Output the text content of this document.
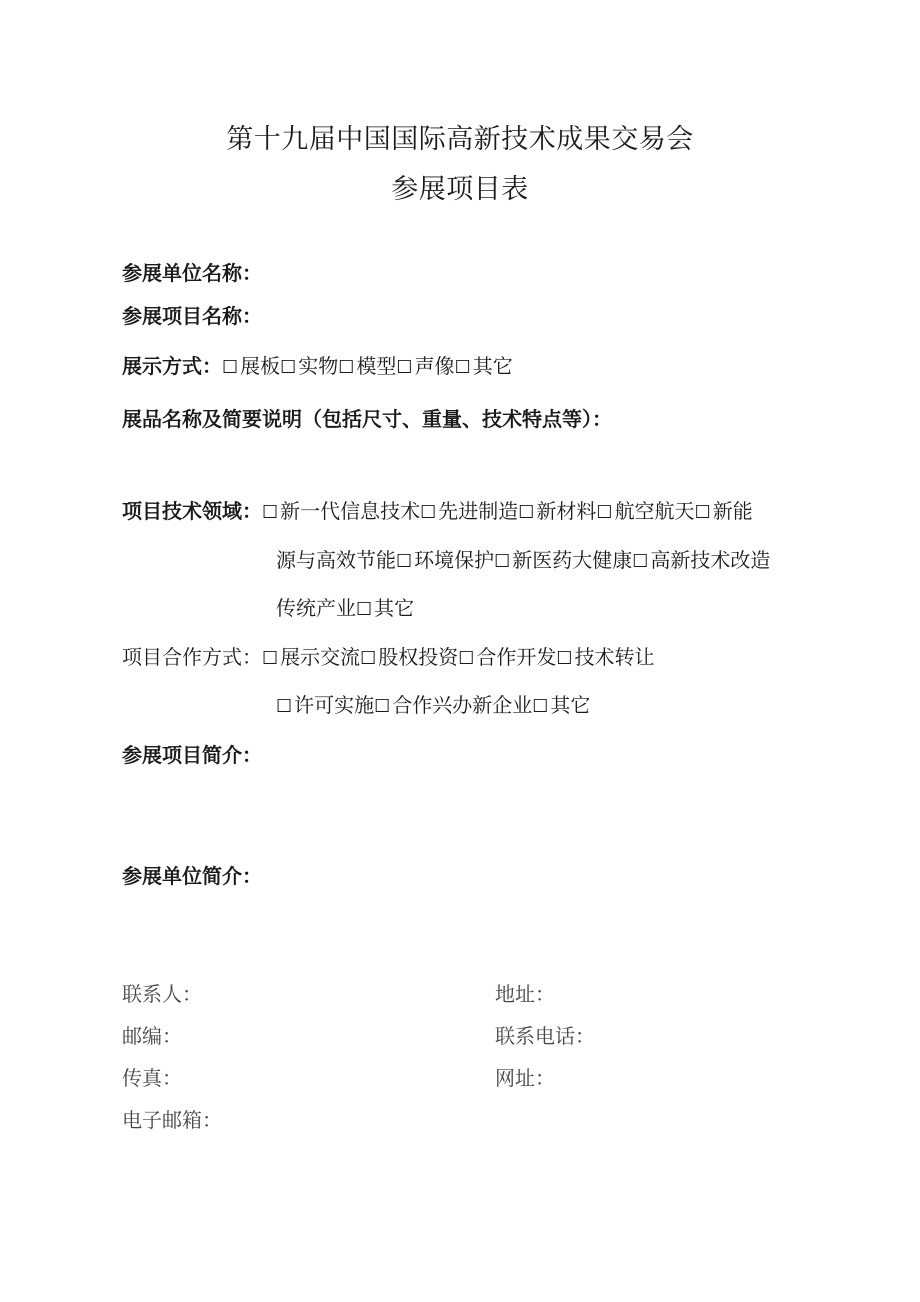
第十九届中国国际高新技术成果交易会
参展项目表
参展单位名称：
参展项目名称：
展示方式：☐ 展板☐ 实物☐ 模型☐ 声像☐ 其它
展品名称及简要说明（包括尺寸、重量、技术特点等）：
项目技术领域：☐ 新一代信息技术☐ 先进制造☐ 新材料☐ 航空航天☐ 新能
源与高效节能☐ 环境保护☐ 新医药大健康☐ 高新技术改造
传统产业☐ 其它
项目合作方式：☐ 展示交流☐ 股权投资☐ 合作开发☐ 技术转让
☐ 许可实施☐ 合作兴办新企业☐ 其它
参展项目简介：
参展单位简介：
联系人：	地址：
邮编：	联系电话：
传真：	网址：
电子邮箱：
